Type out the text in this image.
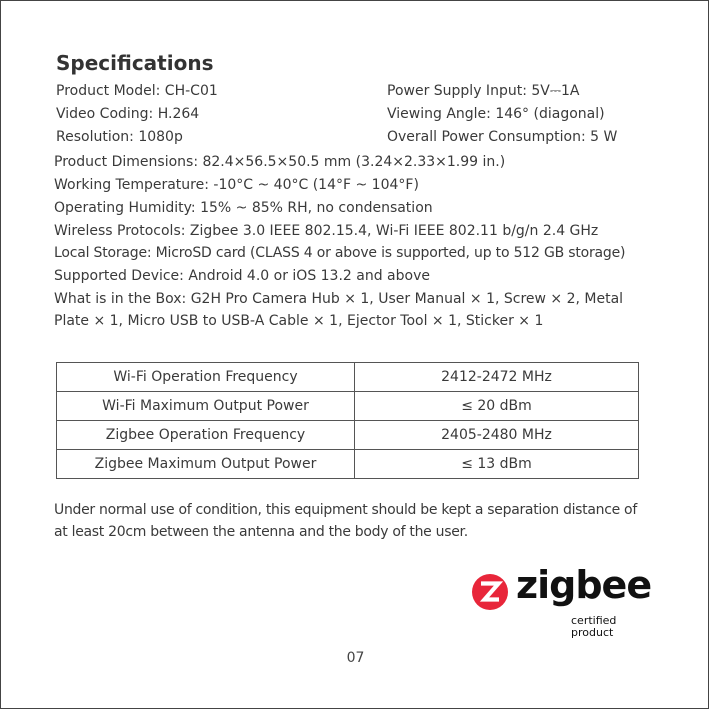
Specifications
Product Model: CH-C01
Video Coding: H.264
Resolution: 1080p
Power Supply Input: 5V⎓1A
Viewing Angle: 146° (diagonal)
Overall Power Consumption: 5 W
Product Dimensions: 82.4×56.5×50.5 mm (3.24×2.33×1.99 in.)
Working Temperature: -10°C ~ 40°C (14°F ~ 104°F)
Operating Humidity: 15% ~ 85% RH, no condensation
Wireless Protocols: Zigbee 3.0 IEEE 802.15.4, Wi-Fi IEEE 802.11 b/g/n 2.4 GHz
Local Storage: MicroSD card (CLASS 4 or above is supported, up to 512 GB storage)
Supported Device: Android 4.0 or iOS 13.2 and above
What is in the Box: G2H Pro Camera Hub × 1, User Manual × 1, Screw × 2, Metal Plate × 1, Micro USB to USB-A Cable × 1, Ejector Tool × 1, Sticker × 1
Wi-Fi Operation Frequency	2412-2472 MHz
Wi-Fi Maximum Output Power	≤ 20 dBm
Zigbee Operation Frequency	2405-2480 MHz
Zigbee Maximum Output Power	≤ 13 dBm
Under normal use of condition, this equipment should be kept a separation distance of at least 20cm between the antenna and the body of the user.
zigbee
certified
product
07
